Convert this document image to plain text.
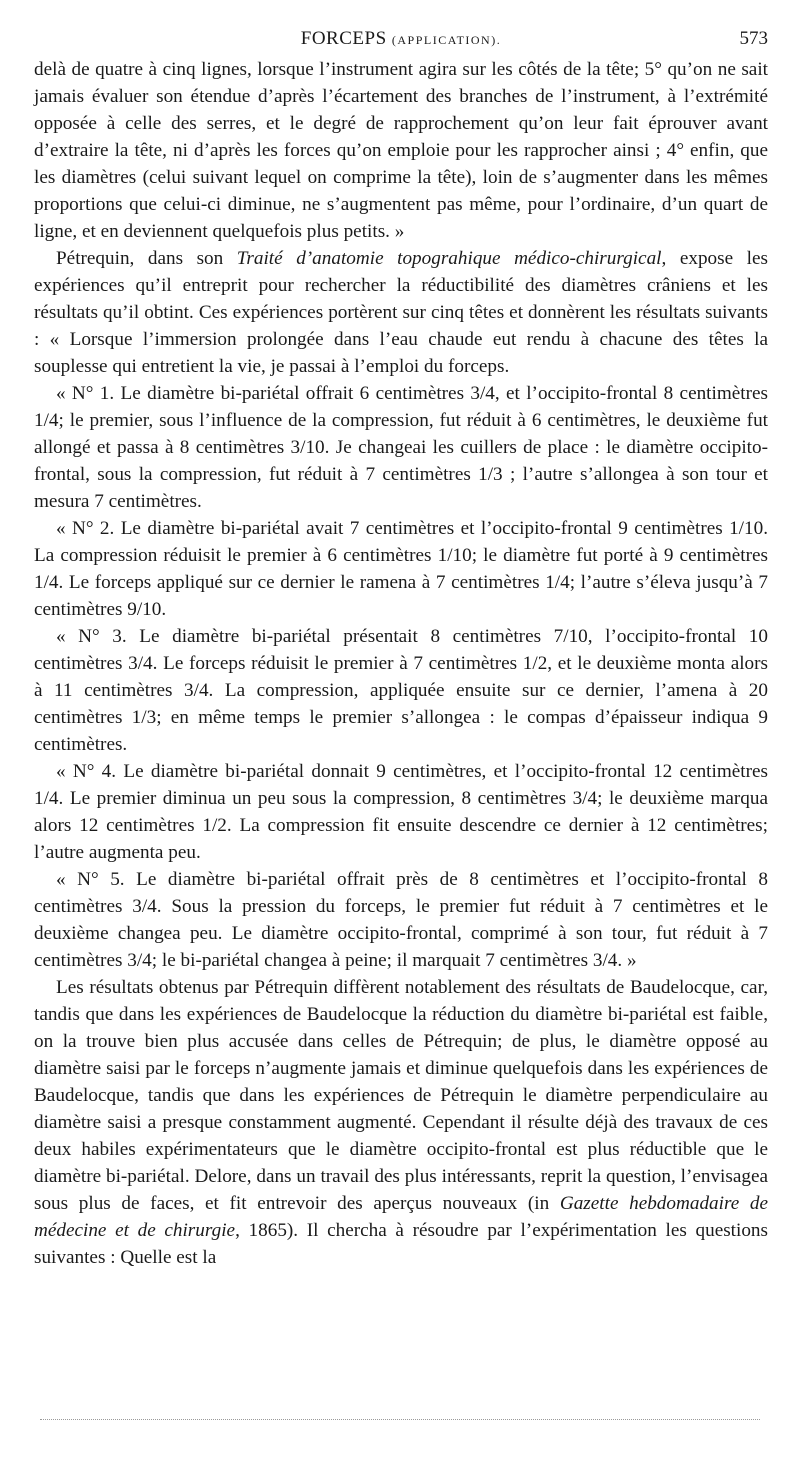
FORCEPS (APPLICATION).	573

delà de quatre à cinq lignes, lorsque l’instrument agira sur les côtés de la tête; 5° qu’on ne sait jamais évaluer son étendue d’après l’écartement des branches de l’instrument, à l’extrémité opposée à celle des serres, et le degré de rapprochement qu’on leur fait éprouver avant d’extraire la tête, ni d’après les forces qu’on emploie pour les rapprocher ainsi ; 4° enfin, que les diamètres (celui suivant lequel on comprime la tête), loin de s’augmenter dans les mêmes proportions que celui-ci diminue, ne s’augmentent pas même, pour l’ordinaire, d’un quart de ligne, et en deviennent quelquefois plus petits. »

Pétrequin, dans son Traité d’anatomie topograhique médico-chirurgical, expose les expériences qu’il entreprit pour rechercher la réductibilité des diamètres crâniens et les résultats qu’il obtint. Ces expériences portèrent sur cinq têtes et donnèrent les résultats suivants : « Lorsque l’immersion prolongée dans l’eau chaude eut rendu à chacune des têtes la souplesse qui entretient la vie, je passai à l’emploi du forceps.

« N° 1. Le diamètre bi-pariétal offrait 6 centimètres 3/4, et l’occipito-frontal 8 centimètres 1/4; le premier, sous l’influence de la compression, fut réduit à 6 centimètres, le deuxième fut allongé et passa à 8 centimètres 3/10. Je changeai les cuillers de place : le diamètre occipito-frontal, sous la compression, fut réduit à 7 centimètres 1/3 ; l’autre s’allongea à son tour et mesura 7 centimètres.

« N° 2. Le diamètre bi-pariétal avait 7 centimètres et l’occipito-frontal 9 centimètres 1/10. La compression réduisit le premier à 6 centimètres 1/10; le diamètre fut porté à 9 centimètres 1/4. Le forceps appliqué sur ce dernier le ramena à 7 centimètres 1/4; l’autre s’éleva jusqu’à 7 centimètres 9/10.

« N° 3. Le diamètre bi-pariétal présentait 8 centimètres 7/10, l’occipito-frontal 10 centimètres 3/4. Le forceps réduisit le premier à 7 centimètres 1/2, et le deuxième monta alors à 11 centimètres 3/4. La compression, appliquée ensuite sur ce dernier, l’amena à 20 centimètres 1/3; en même temps le premier s’allongea : le compas d’épaisseur indiqua 9 centimètres.

« N° 4. Le diamètre bi-pariétal donnait 9 centimètres, et l’occipito-frontal 12 centimètres 1/4. Le premier diminua un peu sous la compression, 8 centimètres 3/4; le deuxième marqua alors 12 centimètres 1/2. La compression fit ensuite descendre ce dernier à 12 centimètres; l’autre augmenta peu.

« N° 5. Le diamètre bi-pariétal offrait près de 8 centimètres et l’occipito-frontal 8 centimètres 3/4. Sous la pression du forceps, le premier fut réduit à 7 centimètres et le deuxième changea peu. Le diamètre occipito-frontal, comprimé à son tour, fut réduit à 7 centimètres 3/4; le bi-pariétal changea à peine; il marquait 7 centimètres 3/4. »

Les résultats obtenus par Pétrequin diffèrent notablement des résultats de Baudelocque, car, tandis que dans les expériences de Baudelocque la réduction du diamètre bi-pariétal est faible, on la trouve bien plus accusée dans celles de Pétrequin; de plus, le diamètre opposé au diamètre saisi par le forceps n’augmente jamais et diminue quelquefois dans les expériences de Baudelocque, tandis que dans les expériences de Pétrequin le diamètre perpendiculaire au diamètre saisi a presque constamment augmenté. Cependant il résulte déjà des travaux de ces deux habiles expérimentateurs que le diamètre occipito-frontal est plus réductible que le diamètre bi-pariétal. Delore, dans un travail des plus intéressants, reprit la question, l’envisagea sous plus de faces, et fit entrevoir des aperçus nouveaux (in Gazette hebdomadaire de médecine et de chirurgie, 1865). Il chercha à résoudre par l’expérimentation les questions suivantes : Quelle est la
